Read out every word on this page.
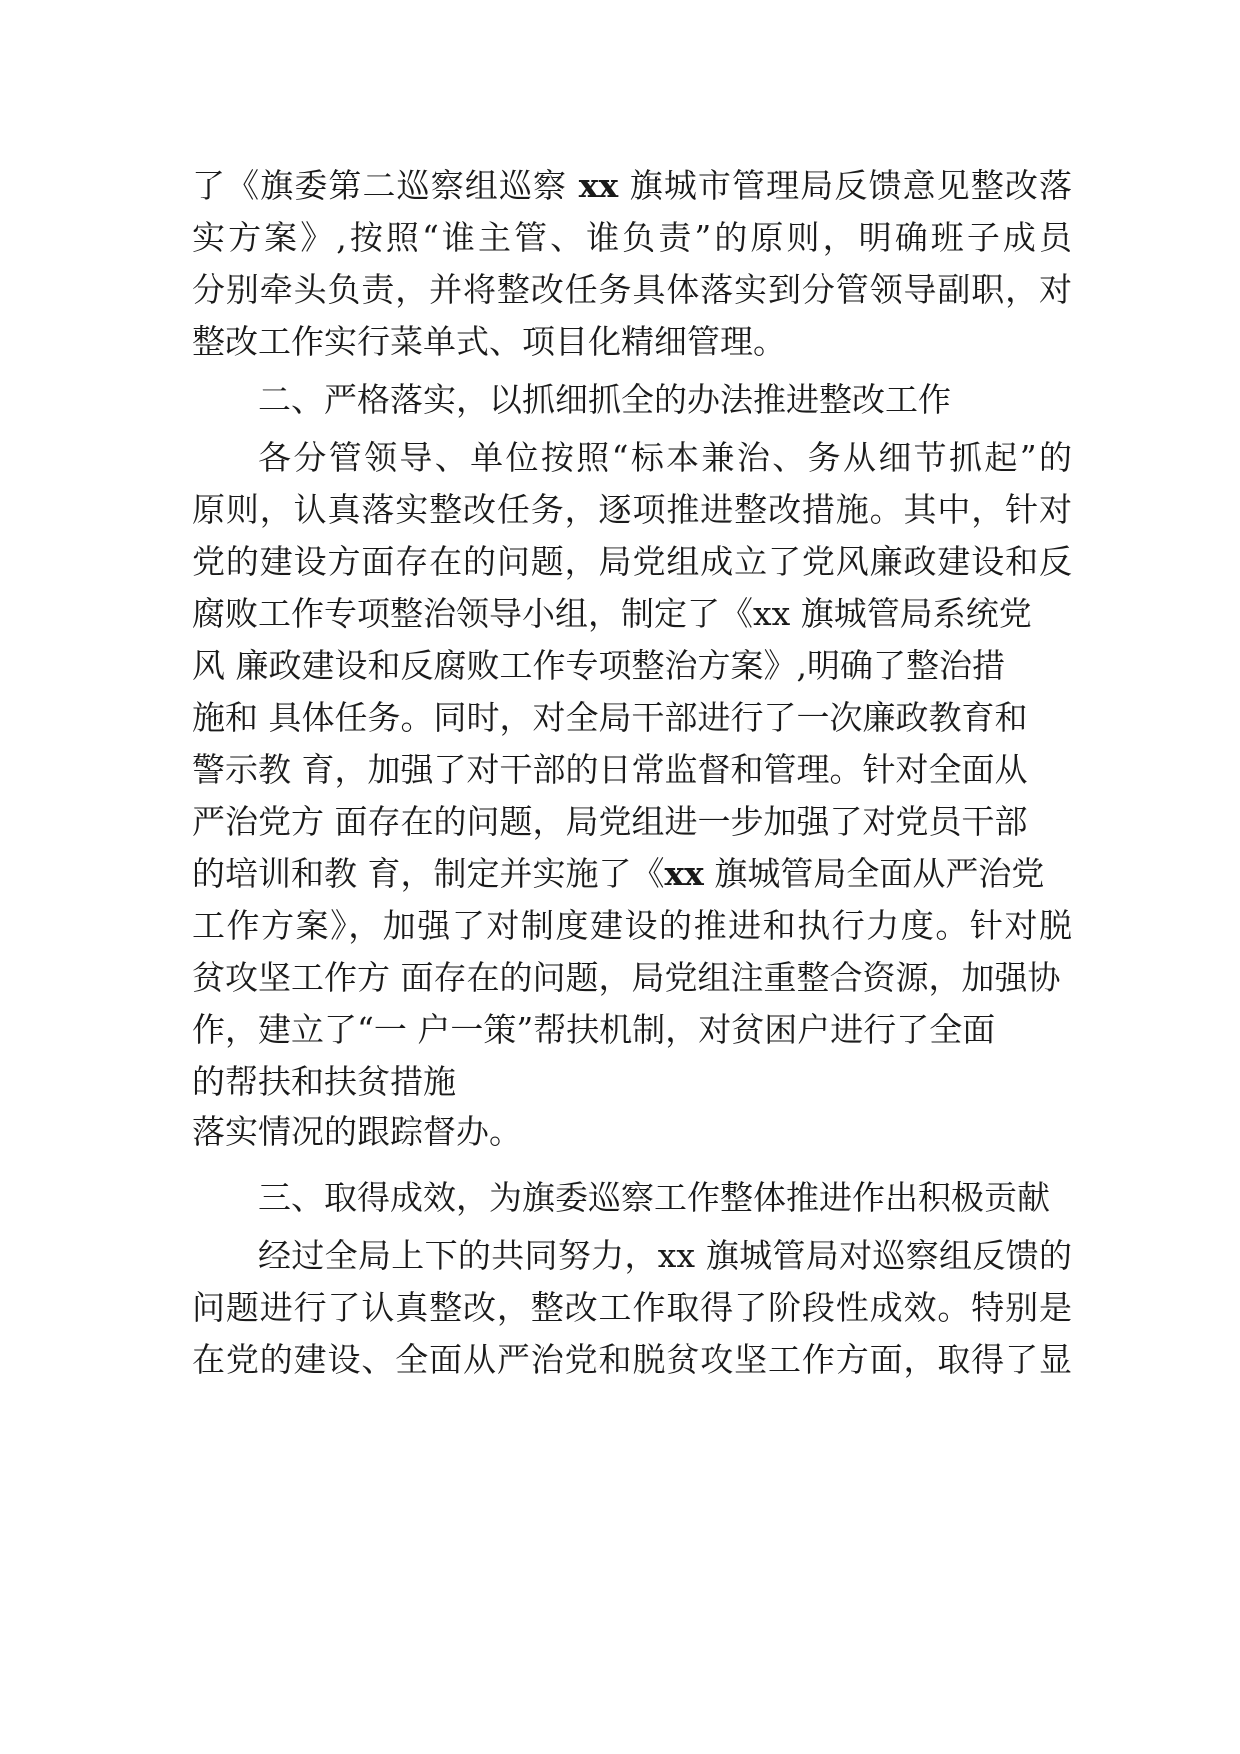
了《旗委第二巡察组巡察 xx 旗城市管理局反馈意见整改落
实方案》,按照“谁主管、谁负责”的原则，明确班子成员
分别牵头负责，并将整改任务具体落实到分管领导副职，对
整改工作实行菜单式、项目化精细管理。
二、严格落实，以抓细抓全的办法推进整改工作
各分管领导、单位按照“标本兼治、务从细节抓起”的
原则，认真落实整改任务，逐项推进整改措施。其中，针对
党的建设方面存在的问题，局党组成立了党风廉政建设和反
腐败工作专项整治领导小组，制定了《xx 旗城管局系统党
风 廉政建设和反腐败工作专项整治方案》,明确了整治措
施和 具体任务。同时，对全局干部进行了一次廉政教育和
警示教 育，加强了对干部的日常监督和管理。针对全面从
严治党方 面存在的问题，局党组进一步加强了对党员干部
的培训和教 育，制定并实施了《xx 旗城管局全面从严治党
工作方案》，加强了对制度建设的推进和执行力度。针对脱
贫攻坚工作方 面存在的问题，局党组注重整合资源，加强协
作，建立了“一 户一策”帮扶机制，对贫困户进行了全面
的帮扶和扶贫措施
落实情况的跟踪督办。
三、取得成效，为旗委巡察工作整体推进作出积极贡献
经过全局上下的共同努力，xx 旗城管局对巡察组反馈的
问题进行了认真整改，整改工作取得了阶段性成效。特别是
在党的建设、全面从严治党和脱贫攻坚工作方面，取得了显
